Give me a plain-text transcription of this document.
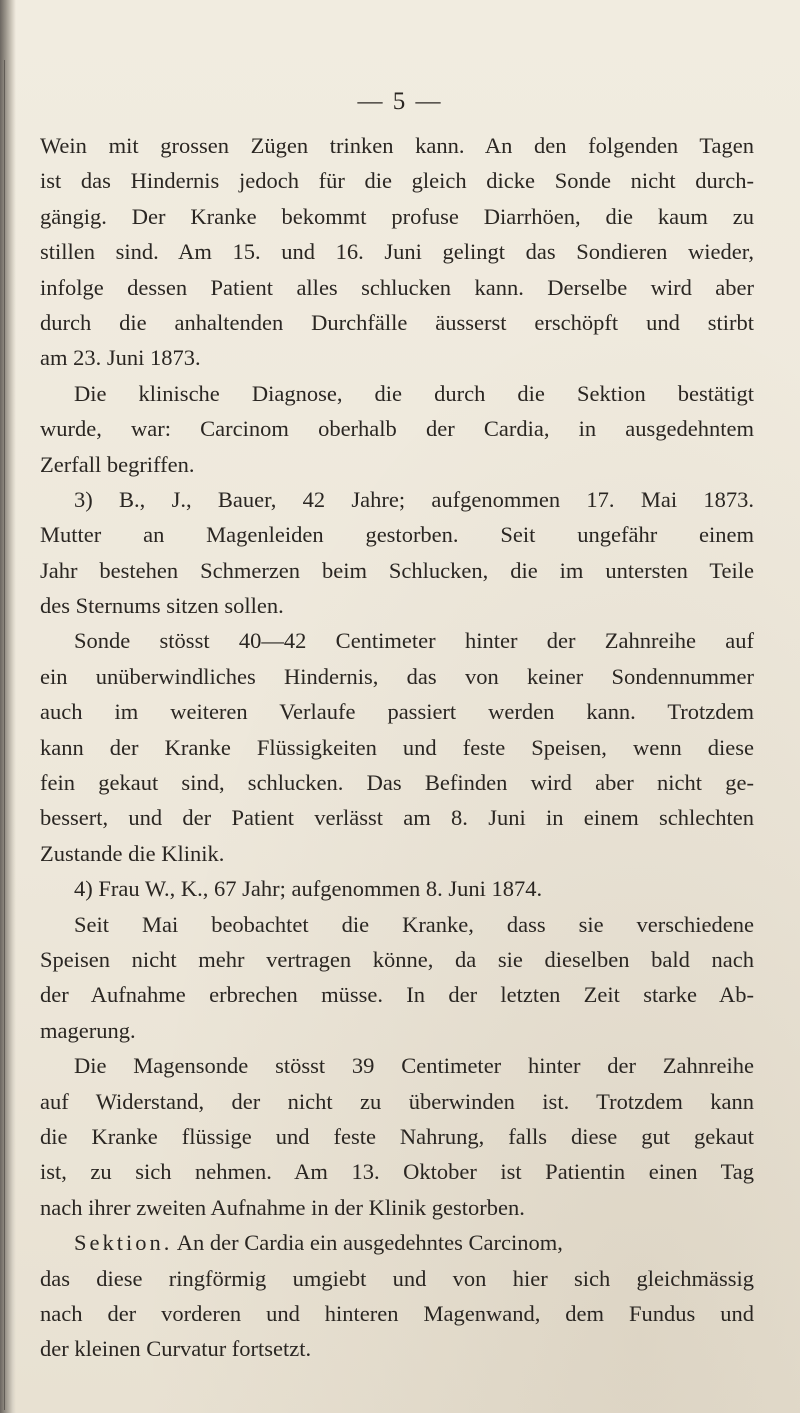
— 5 —
Wein mit grossen Zügen trinken kann. An den folgenden Tagen
ist das Hindernis jedoch für die gleich dicke Sonde nicht durch-
gängig. Der Kranke bekommt profuse Diarrhöen, die kaum zu
stillen sind. Am 15. und 16. Juni gelingt das Sondieren wieder,
infolge dessen Patient alles schlucken kann. Derselbe wird aber
durch die anhaltenden Durchfälle äusserst erschöpft und stirbt
am 23. Juni 1873.
Die klinische Diagnose, die durch die Sektion bestätigt
wurde, war: Carcinom oberhalb der Cardia, in ausgedehntem
Zerfall begriffen.
3) B., J., Bauer, 42 Jahre; aufgenommen 17. Mai 1873.
Mutter an Magenleiden gestorben. Seit ungefähr einem
Jahr bestehen Schmerzen beim Schlucken, die im untersten Teile
des Sternums sitzen sollen.
Sonde stösst 40—42 Centimeter hinter der Zahnreihe auf
ein unüberwindliches Hindernis, das von keiner Sondennummer
auch im weiteren Verlaufe passiert werden kann. Trotzdem
kann der Kranke Flüssigkeiten und feste Speisen, wenn diese
fein gekaut sind, schlucken. Das Befinden wird aber nicht ge-
bessert, und der Patient verlässt am 8. Juni in einem schlechten
Zustande die Klinik.
4) Frau W., K., 67 Jahr; aufgenommen 8. Juni 1874.
Seit Mai beobachtet die Kranke, dass sie verschiedene
Speisen nicht mehr vertragen könne, da sie dieselben bald nach
der Aufnahme erbrechen müsse. In der letzten Zeit starke Ab-
magerung.
Die Magensonde stösst 39 Centimeter hinter der Zahnreihe
auf Widerstand, der nicht zu überwinden ist. Trotzdem kann
die Kranke flüssige und feste Nahrung, falls diese gut gekaut
ist, zu sich nehmen. Am 13. Oktober ist Patientin einen Tag
nach ihrer zweiten Aufnahme in der Klinik gestorben.
Sektion. An der Cardia ein ausgedehntes Carcinom,
das diese ringförmig umgiebt und von hier sich gleichmässig
nach der vorderen und hinteren Magenwand, dem Fundus und
der kleinen Curvatur fortsetzt.
